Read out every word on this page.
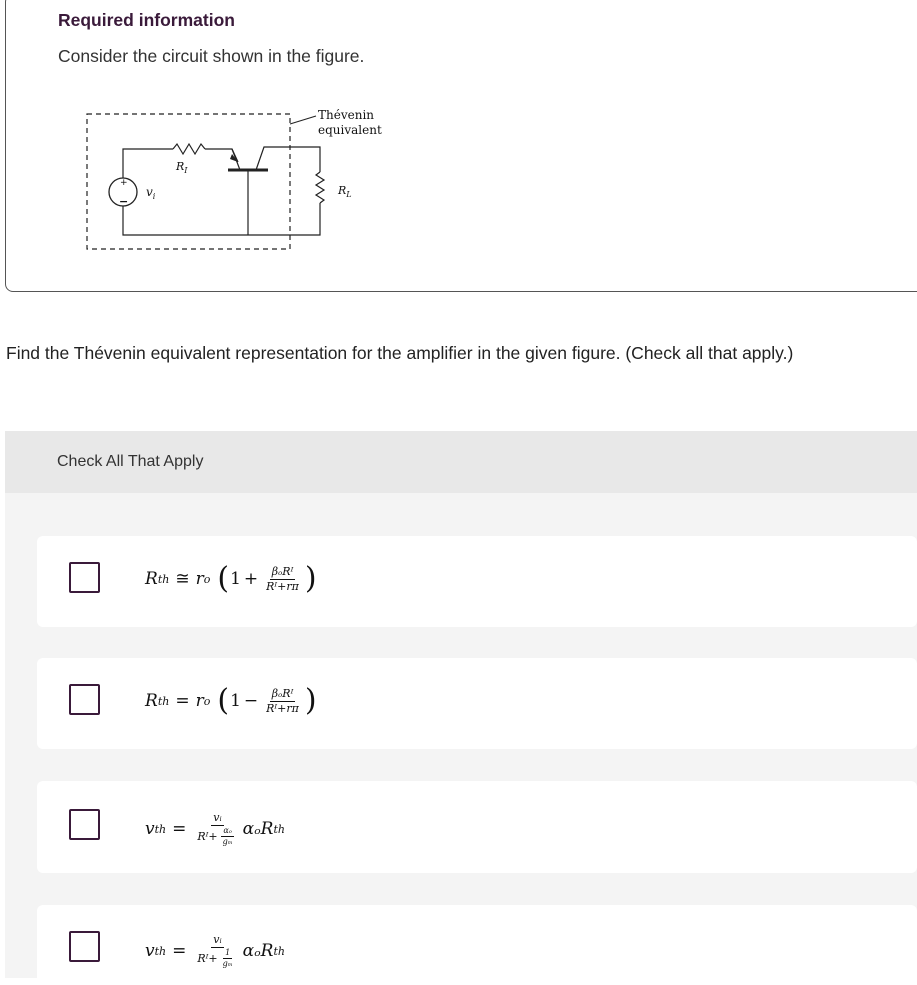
Required information
Consider the circuit shown in the figure.
Thévenin
equivalent
+
−
$v_i$
$R_I$
$R_L$
Find the Thévenin equivalent representation for the amplifier in the given figure. (Check all that apply.)
Check All That Apply
R th ≅ r o ( $1 + \frac{\text{βₒRᴵ}}{\text{Rᴵ+rπ}}$ )
R th = r o ( $1 - \frac{\text{βₒRᴵ}}{\text{Rᴵ+rπ}}$ )
v th = $\frac{\text{vᵢ}}{Rᴵ+ \frac{\text{αₒ}}{\text{gₘ}}}$ αₒR th
v th = $\frac{\text{vᵢ}}{Rᴵ+ \frac{1}{\text{gₘ}}}$ αₒR th
